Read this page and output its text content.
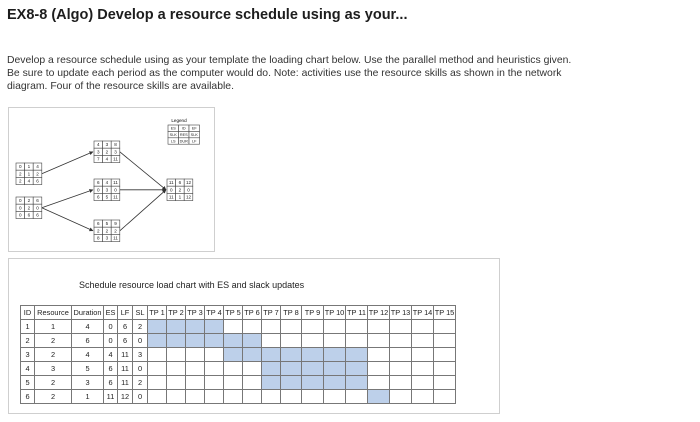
EX8-8 (Algo) Develop a resource schedule using as your...
Develop a resource schedule using as your template the loading chart below. Use the parallel method and heuristics given.
Be sure to update each period as the computer would do. Note: activities use the resource skills as shown in the network
diagram. Four of the resource skills are available.
Legend
0 1 4
2 1 2
2 4 6
0 2 6
0 2 0
0 6 6
4 3 8
3 2 3
7 4 11
6 4 11
0 3 0
6 5 11
6 5 9
2 2 2
8 3 11
11 6 12
0 2 0
11 1 12
ES ID EF
SLK RES SLK
LS DUR LF
Schedule resource load chart with ES and slack updates
ID	Resource	Duration	ES	LF	SL	TP 1	TP 2	TP 3	TP 4	TP 5	TP 6	TP 7	TP 8	TP 9	TP 10	TP 11	TP 12	TP 13	TP 14	TP 15
1	1	4	0	6	2															
2	2	6	0	6	0															
3	2	4	4	11	3															
4	3	5	6	11	0															
5	2	3	6	11	2															
6	2	1	11	12	0															
